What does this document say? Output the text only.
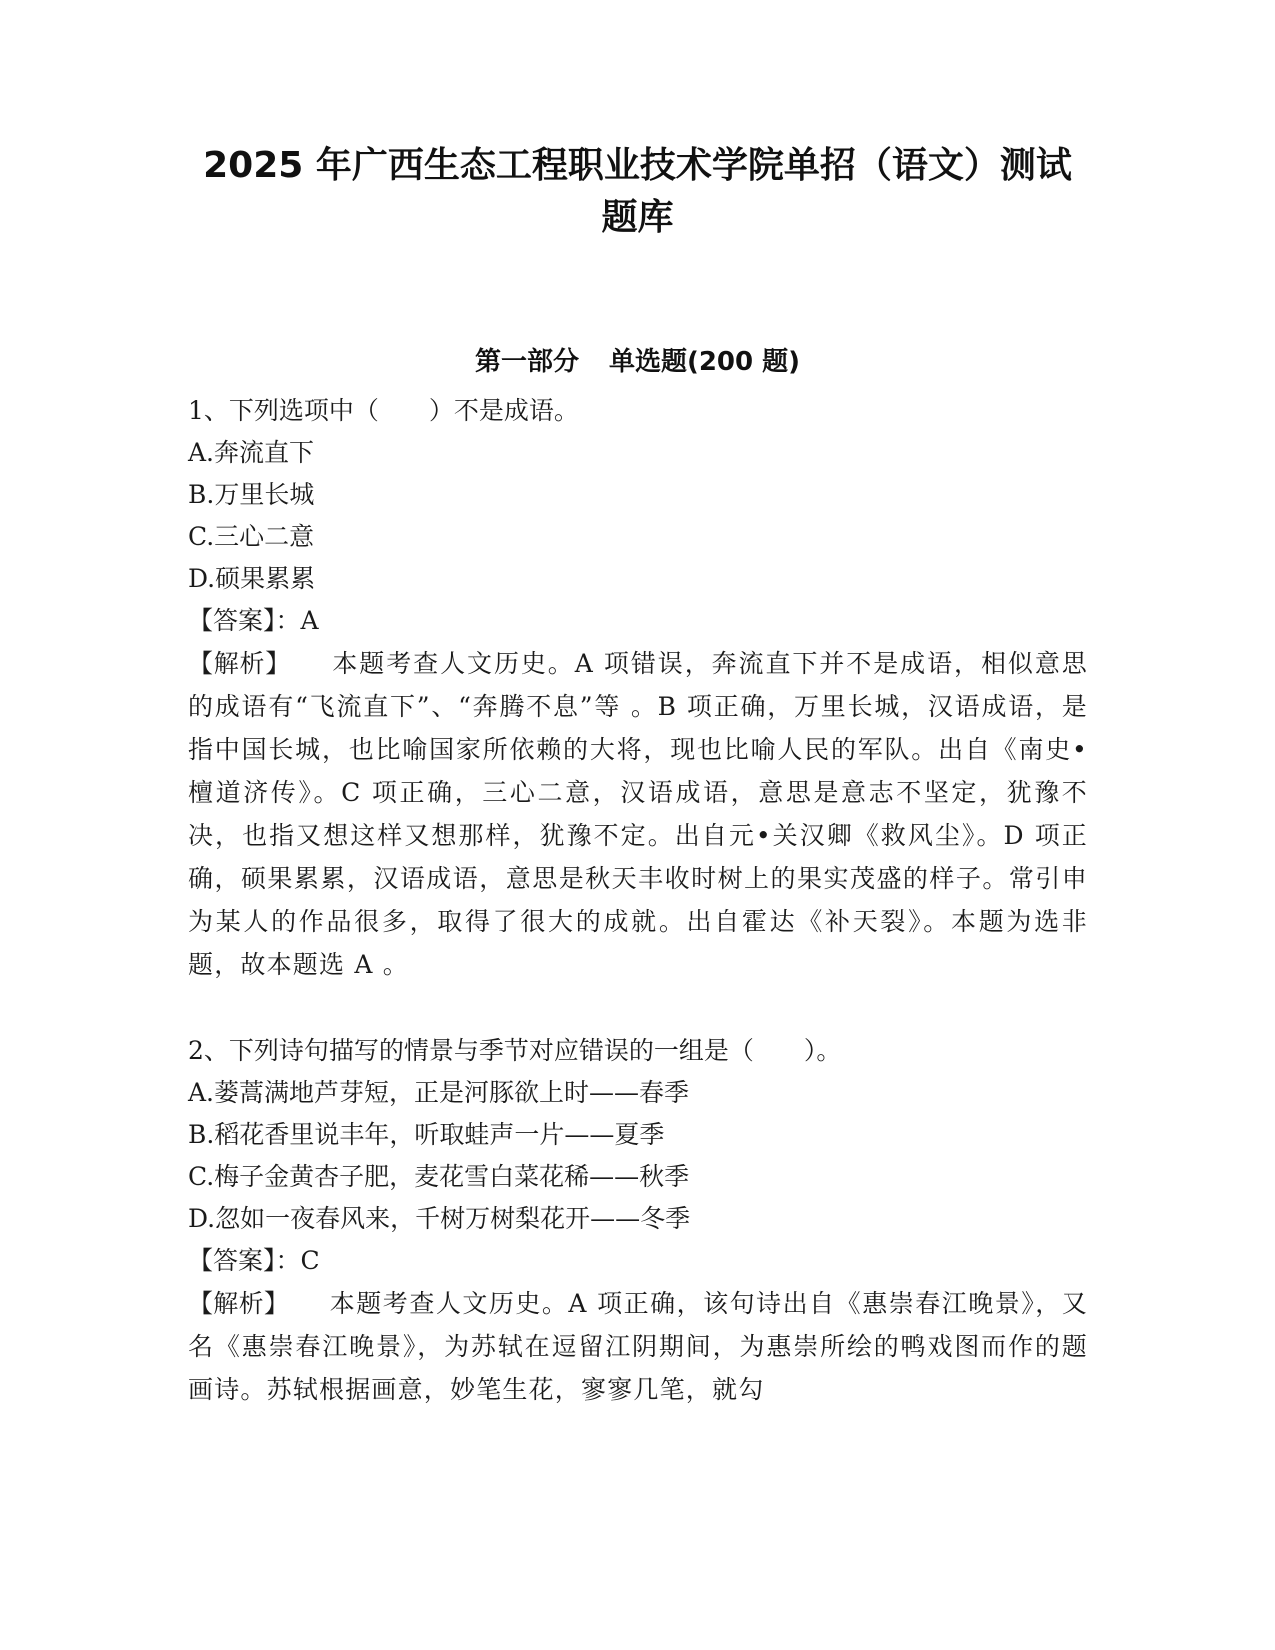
2025 年广西生态工程职业技术学院单招（语文）测试
题库
第一部分 单选题(200 题)
1、下列选项中（　　）不是成语。
A.奔流直下
B.万里长城
C.三心二意
D.硕果累累
【答案】：A
【解析】　　 本题考查人文历史。A 项错误，奔流直下并不是成语，相似意思的成语有“飞流直下”、“奔腾不息”等 。B 项正确，万里长城，汉语成语，是指中国长城，也比喻国家所依赖的大将，现也比喻人民的军队。出自《南史•檀道济传》。C 项正确，三心二意，汉语成语，意思是意志不坚定，犹豫不决，也指又想这样又想那样，犹豫不定。出自元•关汉卿《救风尘》。D 项正确，硕果累累，汉语成语，意思是秋天丰收时树上的果实茂盛的样子。常引申为某人的作品很多，取得了很大的成就。出自霍达《补天裂》。本题为选非题，故本题选 A 。
2、下列诗句描写的情景与季节对应错误的一组是（　　）。
A.蒌蒿满地芦芽短，正是河豚欲上时——春季
B.稻花香里说丰年，听取蛙声一片——夏季
C.梅子金黄杏子肥，麦花雪白菜花稀——秋季
D.忽如一夜春风来，千树万树梨花开——冬季
【答案】：C
【解析】　　 本题考查人文历史。A 项正确，该句诗出自《惠崇春江晚景》，又名《惠崇春江晚景》，为苏轼在逗留江阴期间，为惠崇所绘的鸭戏图而作的题画诗。苏轼根据画意，妙笔生花，寥寥几笔，就勾
